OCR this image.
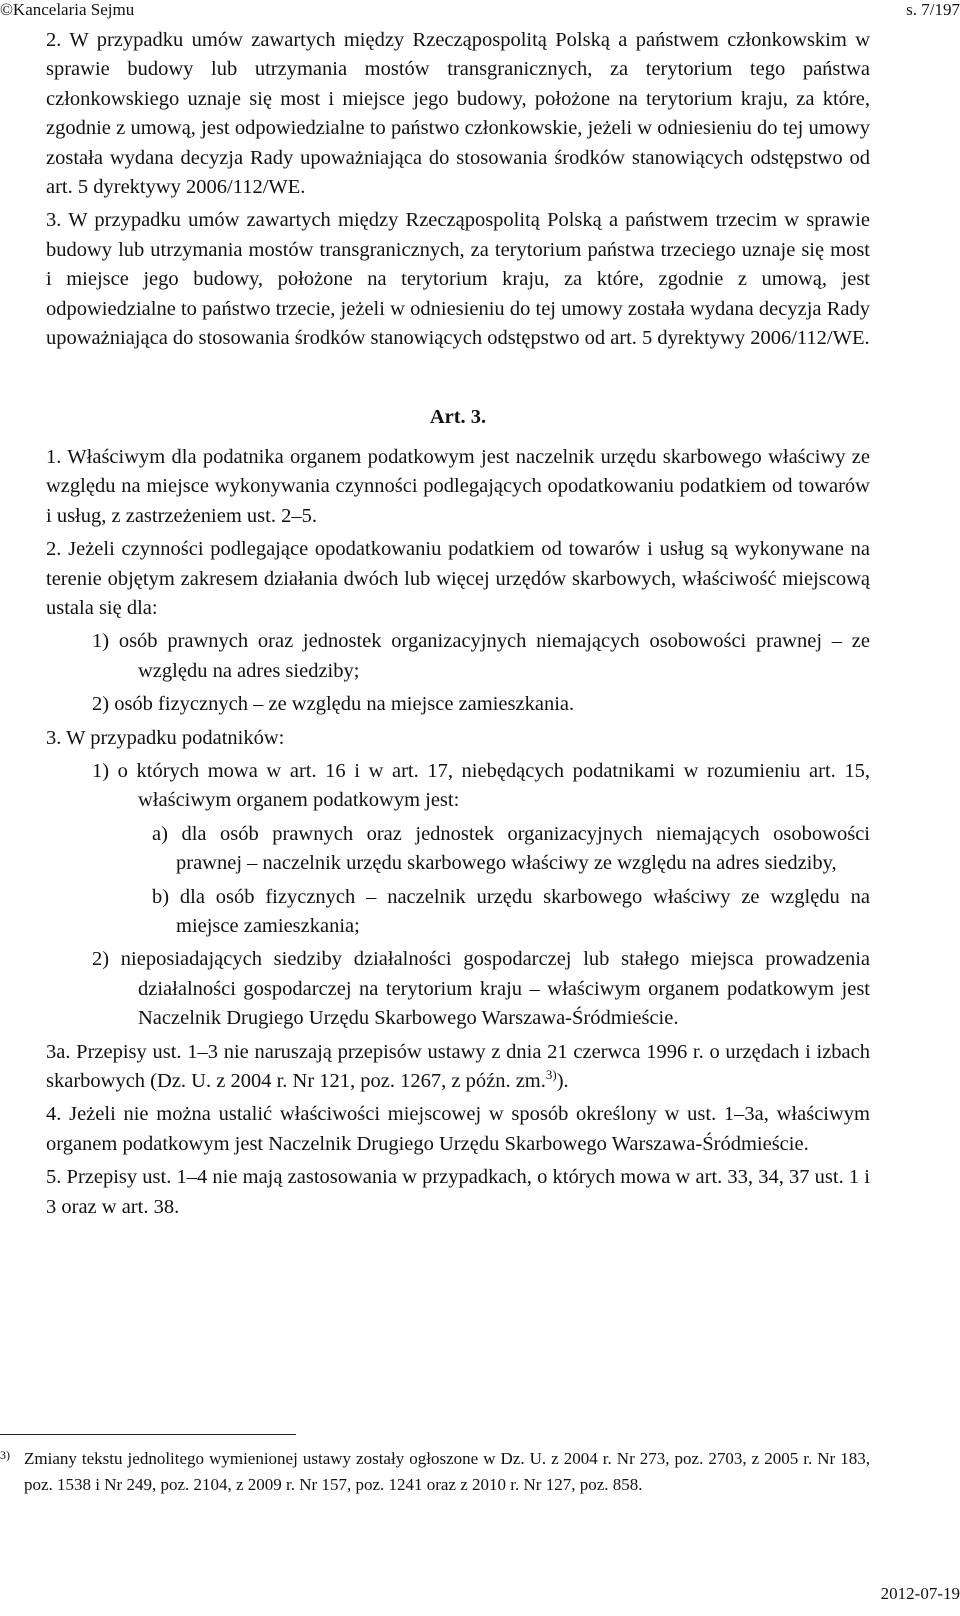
©Kancelaria Sejmu	s. 7/197

2. W przypadku umów zawartych między Rzecząpospolitą Polską a państwem członkowskim w sprawie budowy lub utrzymania mostów transgranicznych, za terytorium tego państwa członkowskiego uznaje się most i miejsce jego budowy, położone na terytorium kraju, za które, zgodnie z umową, jest odpowiedzialne to państwo członkowskie, jeżeli w odniesieniu do tej umowy została wydana decyzja Rady upoważniająca do stosowania środków stanowiących odstępstwo od art. 5 dyrektywy 2006/112/WE.

3. W przypadku umów zawartych między Rzecząpospolitą Polską a państwem trzecim w sprawie budowy lub utrzymania mostów transgranicznych, za terytorium państwa trzeciego uznaje się most i miejsce jego budowy, położone na terytorium kraju, za które, zgodnie z umową, jest odpowiedzialne to państwo trzecie, jeżeli w odniesieniu do tej umowy została wydana decyzja Rady upoważniająca do stosowania środków stanowiących odstępstwo od art. 5 dyrektywy 2006/112/WE.

Art. 3.

1. Właściwym dla podatnika organem podatkowym jest naczelnik urzędu skarbowego właściwy ze względu na miejsce wykonywania czynności podlegających opodatkowaniu podatkiem od towarów i usług, z zastrzeżeniem ust. 2–5.

2. Jeżeli czynności podlegające opodatkowaniu podatkiem od towarów i usług są wykonywane na terenie objętym zakresem działania dwóch lub więcej urzędów skarbowych, właściwość miejscową ustala się dla:

1) osób prawnych oraz jednostek organizacyjnych niemających osobowości prawnej – ze względu na adres siedziby;

2) osób fizycznych – ze względu na miejsce zamieszkania.

3. W przypadku podatników:

1) o których mowa w art. 16 i w art. 17, niebędących podatnikami w rozumieniu art. 15, właściwym organem podatkowym jest:

a) dla osób prawnych oraz jednostek organizacyjnych niemających osobowości prawnej – naczelnik urzędu skarbowego właściwy ze względu na adres siedziby,

b) dla osób fizycznych – naczelnik urzędu skarbowego właściwy ze względu na miejsce zamieszkania;

2) nieposiadających siedziby działalności gospodarczej lub stałego miejsca prowadzenia działalności gospodarczej na terytorium kraju – właściwym organem podatkowym jest Naczelnik Drugiego Urzędu Skarbowego Warszawa-Śródmieście.

3a. Przepisy ust. 1–3 nie naruszają przepisów ustawy z dnia 21 czerwca 1996 r. o urzędach i izbach skarbowych (Dz. U. z 2004 r. Nr 121, poz. 1267, z późn. zm.$^{3)}$).

4. Jeżeli nie można ustalić właściwości miejscowej w sposób określony w ust. 1–3a, właściwym organem podatkowym jest Naczelnik Drugiego Urzędu Skarbowego Warszawa-Śródmieście.

5. Przepisy ust. 1–4 nie mają zastosowania w przypadkach, o których mowa w art. 33, 34, 37 ust. 1 i 3 oraz w art. 38.

3) Zmiany tekstu jednolitego wymienionej ustawy zostały ogłoszone w Dz. U. z 2004 r. Nr 273, poz. 2703, z 2005 r. Nr 183, poz. 1538 i Nr 249, poz. 2104, z 2009 r. Nr 157, poz. 1241 oraz z 2010 r. Nr 127, poz. 858.
2012-07-19
